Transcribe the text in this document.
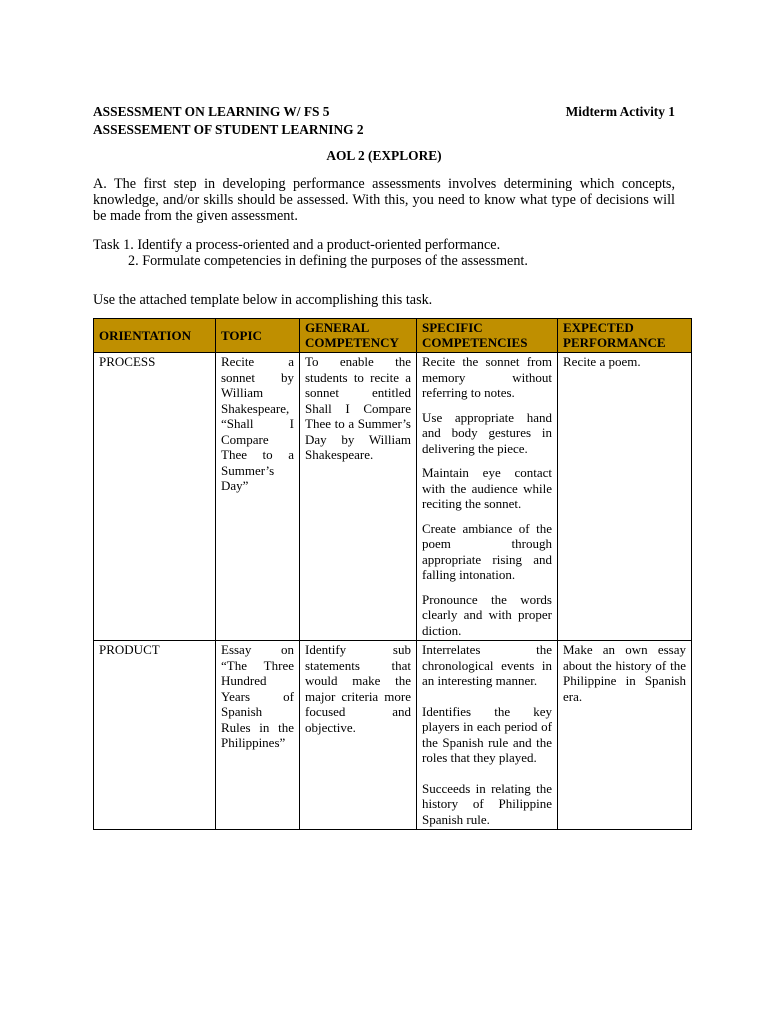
ASSESSMENT ON LEARNING W/ FS 5	Midterm Activity 1
ASSESSEMENT OF STUDENT LEARNING 2
AOL 2 (EXPLORE)
A. The first step in developing performance assessments involves determining which concepts, knowledge, and/or skills should be assessed. With this, you need to know what type of decisions will be made from the given assessment.
Task 1. Identify a process-oriented and a product-oriented performance.
2. Formulate competencies in defining the purposes of the assessment.
Use the attached template below in accomplishing this task.
ORIENTATION	TOPIC	GENERAL COMPETENCY	SPECIFIC COMPETENCIES	EXPECTED PERFORMANCE
PROCESS	Recite a sonnet by William Shakespeare, “Shall I Compare Thee to a Summer’s Day”	To enable the students to recite a sonnet entitled Shall I Compare Thee to a Summer’s Day by William Shakespeare.	Recite the sonnet from memory without referring to notes.

Use appropriate hand and body gestures in delivering the piece.

Maintain eye contact with the audience while reciting the sonnet.

Create ambiance of the poem through appropriate rising and falling intonation.

Pronounce the words clearly and with proper diction.	Recite a poem.
PRODUCT	Essay on “The Three Hundred Years of Spanish Rules in the Philippines”	Identify sub statements that would make the major criteria more focused and objective.	Interrelates the chronological events in an interesting manner.

Identifies the key players in each period of the Spanish rule and the roles that they played.

Succeeds in relating the history of Philippine Spanish rule.	Make an own essay about the history of the Philippine in Spanish era.
